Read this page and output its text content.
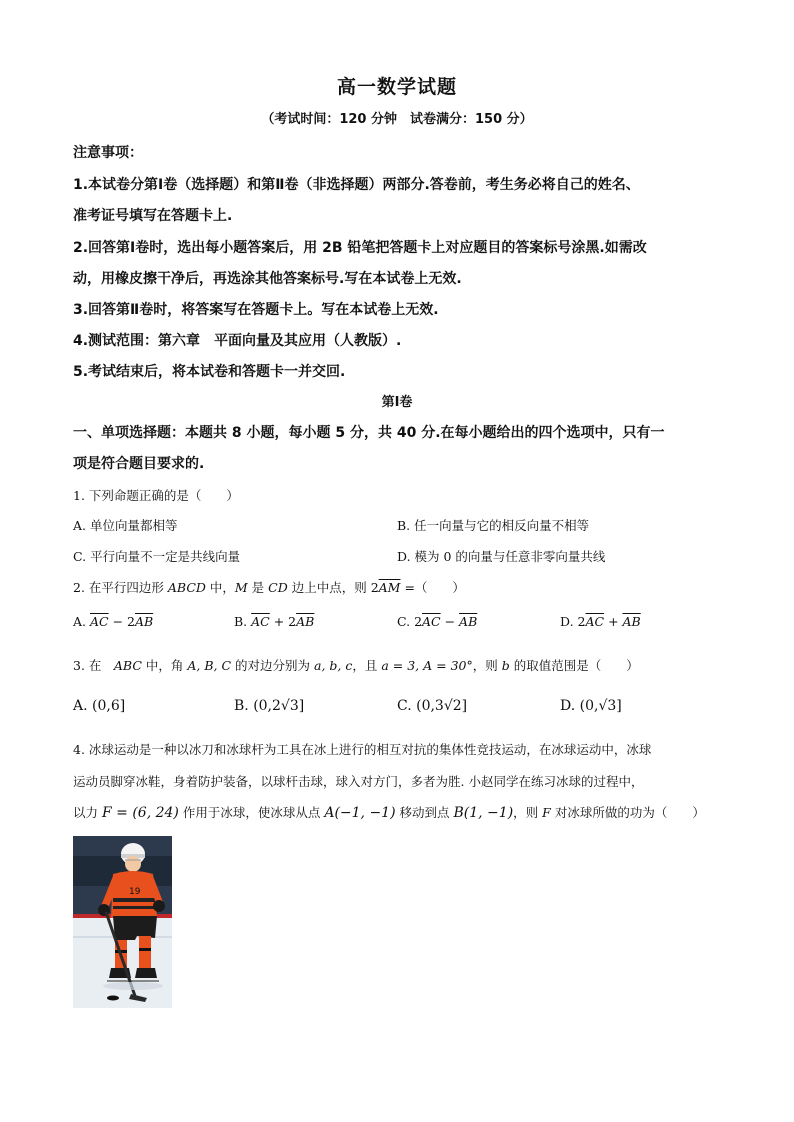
高一数学试题
（考试时间：120 分钟　试卷满分：150 分）
注意事项：
1.本试卷分第Ⅰ卷（选择题）和第Ⅱ卷（非选择题）两部分.答卷前，考生务必将自己的姓名、
准考证号填写在答题卡上.
2.回答第Ⅰ卷时，选出每小题答案后，用 2B 铅笔把答题卡上对应题目的答案标号涂黑.如需改
动，用橡皮擦干净后，再选涂其他答案标号.写在本试卷上无效.
3.回答第Ⅱ卷时，将答案写在答题卡上。写在本试卷上无效.
4.测试范围：第六章　平面向量及其应用（人教版）.
5.考试结束后，将本试卷和答题卡一并交回.
第Ⅰ卷
一、单项选择题：本题共 8 小题，每小题 5 分，共 40 分.在每小题给出的四个选项中，只有一
项是符合题目要求的.
1. 下列命题正确的是（　　）
A. 单位向量都相等	B. 任一向量与它的相反向量不相等
C. 平行向量不一定是共线向量	D. 模为 0 的向量与任意非零向量共线
2. 在平行四边形 ABCD 中，M 是 CD 边上中点，则 $2\overline{AM}$ =（　　）
A. $\overline{AC} - 2\overline{AB}$	B. $\overline{AC} + 2\overline{AB}$	C. $2\overline{AC} - \overline{AB}$	D. $2\overline{AC} + \overline{AB}$
3. 在　ABC 中，角 A, B, C 的对边分别为 a, b, c，且 a = 3, A = 30°，则 b 的取值范围是（　　）
A. (0,6]	B. (0,2√3]	C. (0,3√2]	D. (0,√3]
4. 冰球运动是一种以冰刀和冰球杆为工具在冰上进行的相互对抗的集体性竞技运动，在冰球运动中，冰球
运动员脚穿冰鞋，身着防护装备，以球杆击球，球入对方门，多者为胜. 小赵同学在练习冰球的过程中，
以力 F = (6, 24) 作用于冰球，使冰球从点 A(−1, −1) 移动到点 B(1, −1)，则 F 对冰球所做的功为（　　）
19
